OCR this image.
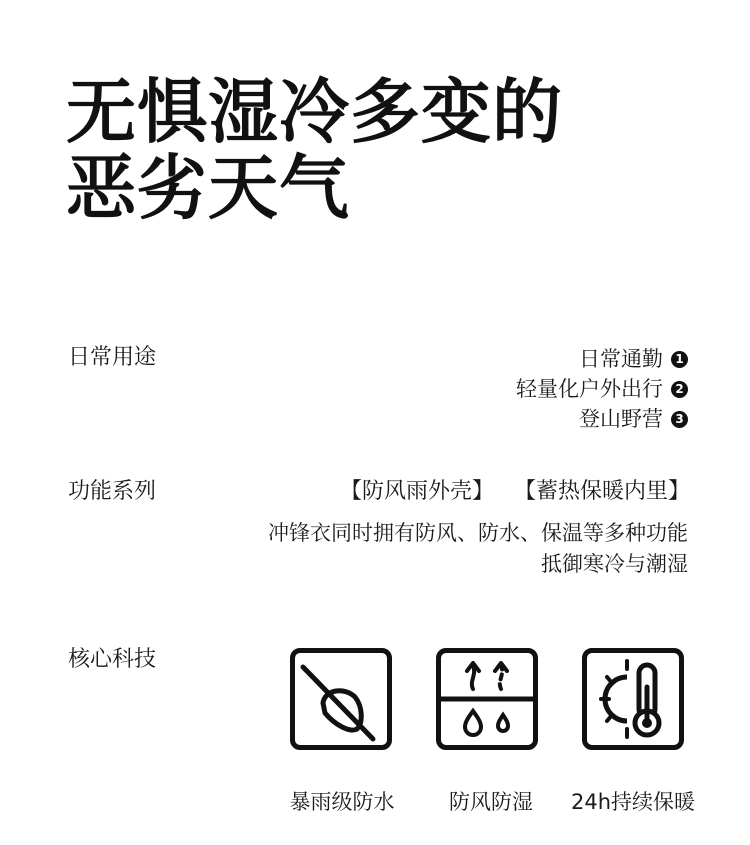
无惧湿冷多变的
恶劣天气
日常用途	日常通勤	1
轻量化户外出行	2
登山野营	3
功能系列	【防风雨外壳】 【蓄热保暖内里】
冲锋衣同时拥有防风、防水、保温等多种功能
抵御寒冷与潮湿
核心科技
暴雨级防水	防风防湿	24h持续保暖
